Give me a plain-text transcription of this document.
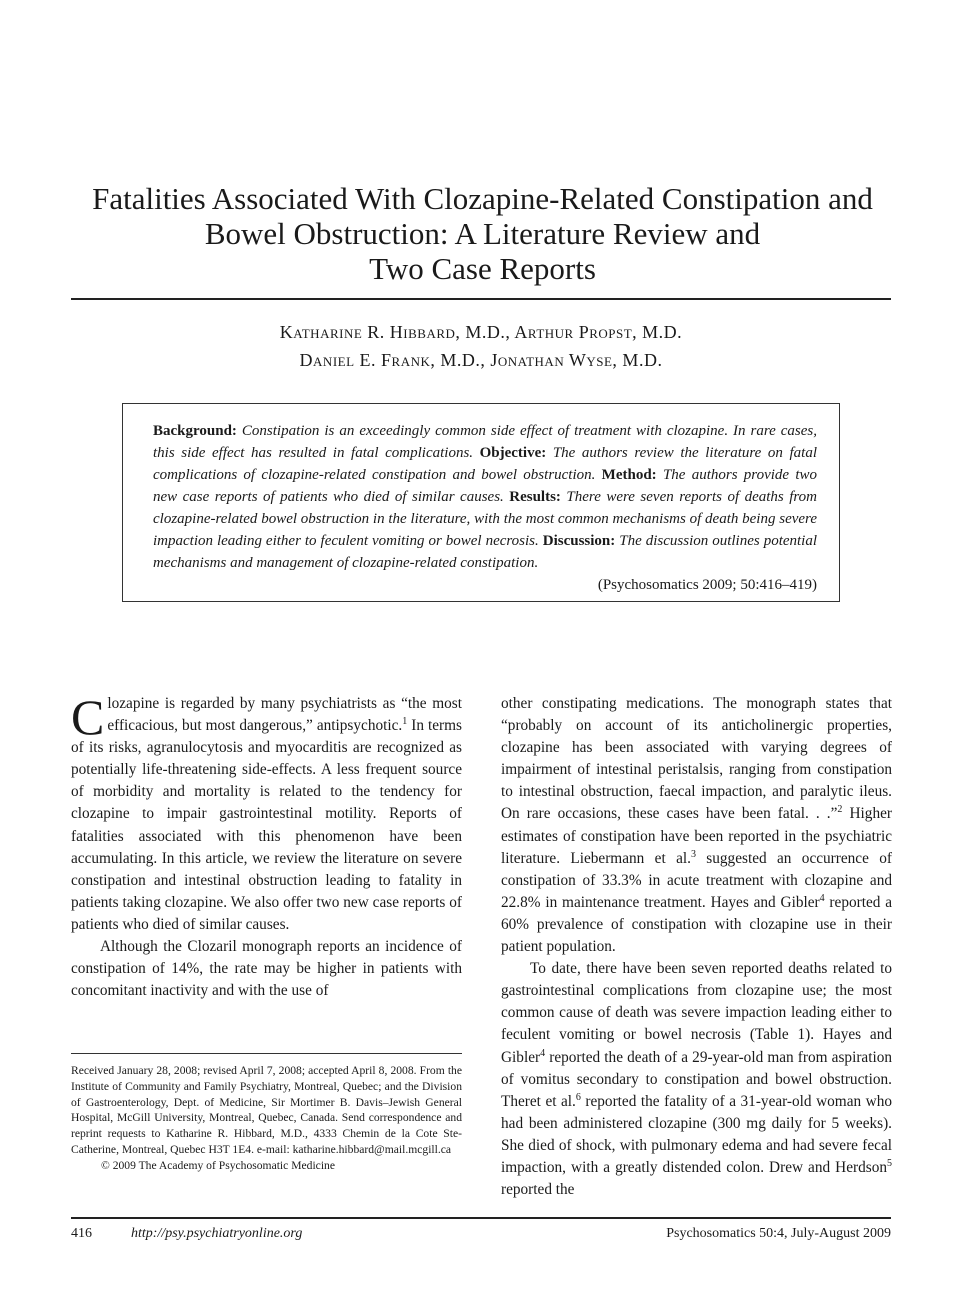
Fatalities Associated With Clozapine-Related Constipation and
Bowel Obstruction: A Literature Review and
Two Case Reports
Katharine R. Hibbard, M.D., Arthur Propst, M.D.
Daniel E. Frank, M.D., Jonathan Wyse, M.D.
Background: Constipation is an exceedingly common side effect of treatment with clozapine. In rare cases, this side effect has resulted in fatal complications. Objective: The authors review the literature on fatal complications of clozapine-related constipation and bowel obstruction. Method: The authors provide two new case reports of patients who died of similar causes. Results: There were seven reports of deaths from clozapine-related bowel obstruction in the literature, with the most common mechanisms of death being severe impaction leading either to feculent vomiting or bowel necrosis. Discussion: The discussion outlines potential mechanisms and management of clozapine-related constipation.
(Psychosomatics 2009; 50:416–419)

Clozapine is regarded by many psychiatrists as “the most efficacious, but most dangerous,” antipsychotic.$^1$ In terms of its risks, agranulocytosis and myocarditis are recognized as potentially life-threatening side-effects. A less frequent source of morbidity and mortality is related to the tendency for clozapine to impair gastrointestinal motility. Reports of fatalities associated with this phenomenon have been accumulating. In this article, we review the literature on severe constipation and intestinal obstruction leading to fatality in patients taking clozapine. We also offer two new case reports of patients who died of similar causes.

Although the Clozaril monograph reports an incidence of constipation of 14%, the rate may be higher in patients with concomitant inactivity and with the use of

other constipating medications. The monograph states that “probably on account of its anticholinergic properties, clozapine has been associated with varying degrees of impairment of intestinal peristalsis, ranging from constipation to intestinal obstruction, faecal impaction, and paralytic ileus. On rare occasions, these cases have been fatal. . .”$^2$ Higher estimates of constipation have been reported in the psychiatric literature. Liebermann et al.$^3$ suggested an occurrence of constipation of 33.3% in acute treatment with clozapine and 22.8% in maintenance treatment. Hayes and Gibler$^4$ reported a 60% prevalence of constipation with clozapine use in their patient population.

To date, there have been seven reported deaths related to gastrointestinal complications from clozapine use; the most common cause of death was severe impaction leading either to feculent vomiting or bowel necrosis (Table 1). Hayes and Gibler$^4$ reported the death of a 29-year-old man from aspiration of vomitus secondary to constipation and bowel obstruction. Theret et al.$^6$ reported the fatality of a 31-year-old woman who had been administered clozapine (300 mg daily for 5 weeks). She died of shock, with pulmonary edema and had severe fecal impaction, with a greatly distended colon. Drew and Herdson$^5$ reported the

Received January 28, 2008; revised April 7, 2008; accepted April 8, 2008. From the Institute of Community and Family Psychiatry, Montreal, Quebec; and the Division of Gastroenterology, Dept. of Medicine, Sir Mortimer B. Davis–Jewish General Hospital, McGill University, Montreal, Quebec, Canada. Send correspondence and reprint requests to Katharine R. Hibbard, M.D., 4333 Chemin de la Cote Ste-Catherine, Montreal, Quebec H3T 1E4. e-mail: katharine.hibbard@mail.mcgill.ca

© 2009 The Academy of Psychosomatic Medicine

416	http://psy.psychiatryonline.org	Psychosomatics 50:4, July-August 2009
